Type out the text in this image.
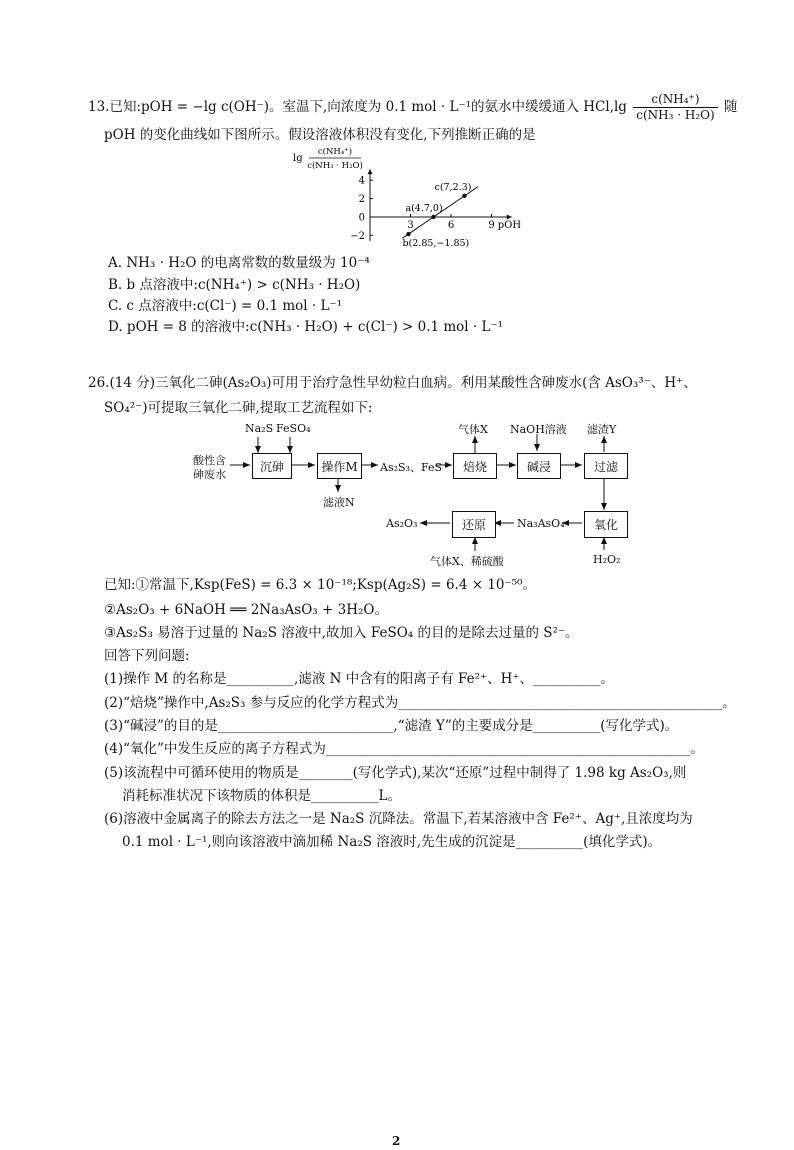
13.已知:pOH = −lg c(OH⁻)。室温下,向浓度为 0.1 mol · L⁻¹的氨水中缓缓通入 $HCl,\lg \frac{\text{c(NH₄⁺)}}{\text{c(NH₃ · H₂O)}}$ 随
pOH 的变化曲线如下图所示。假设溶液体积没有变化,下列推断正确的是
3	6	9
4
2
0
−2
a(4.7,0)
b(2.85,−1.85)
c(7,2.3)
pOH
lg
c(NH₄⁺)
c(NH₃ · H₂O)
A. NH₃ · H₂O 的电离常数的数量级为 10⁻⁴
B. b 点溶液中:c(NH₄⁺) > c(NH₃ · H₂O)
C. c 点溶液中:c(Cl⁻) = 0.1 mol · L⁻¹
D. pOH = 8 的溶液中:c(NH₃ · H₂O) + c(Cl⁻) > 0.1 mol · L⁻¹
26.(14 分)三氧化二砷(As₂O₃)可用于治疗急性早幼粒白血病。利用某酸性含砷废水(含 AsO₃³⁻、H⁺、
SO₄²⁻)可提取三氧化二砷,提取工艺流程如下:
酸性含
砷废水
Na₂S FeSO₄
沉砷	操作M
滤液N
As₂S₃、FeS
气体X
焙烧
NaOH溶液
碱浸
滤渣Y
过滤
氧化
H₂O₂
Na₃AsO₄
还原
气体X、稀硫酸
As₂O₃
已知:①常温下,Ksp(FeS) = 6.3 × 10⁻¹⁸;Ksp(Ag₂S) = 6.4 × 10⁻⁵⁰。
②As₂O₃ + 6NaOH ══ 2Na₃AsO₃ + 3H₂O。
③As₂S₃ 易溶于过量的 Na₂S 溶液中,故加入 FeSO₄ 的目的是除去过量的 S²⁻。
回答下列问题:
(1)操作 M 的名称是__________,滤液 N 中含有的阳离子有 Fe²⁺、H⁺、__________。
(2)“焙烧”操作中,As₂S₃ 参与反应的化学方程式为________________________________________________。
(3)“碱浸”的目的是__________________________,“滤渣 Y”的主要成分是__________(写化学式)。
(4)“氧化”中发生反应的离子方程式为______________________________________________________。
(5)该流程中可循环使用的物质是________(写化学式),某次“还原”过程中制得了 1.98 kg As₂O₃,则
消耗标准状况下该物质的体积是__________L。
(6)溶液中金属离子的除去方法之一是 Na₂S 沉降法。常温下,若某溶液中含 Fe²⁺、Ag⁺,且浓度均为
0.1 mol · L⁻¹,则向该溶液中滴加稀 Na₂S 溶液时,先生成的沉淀是__________(填化学式)。
2
